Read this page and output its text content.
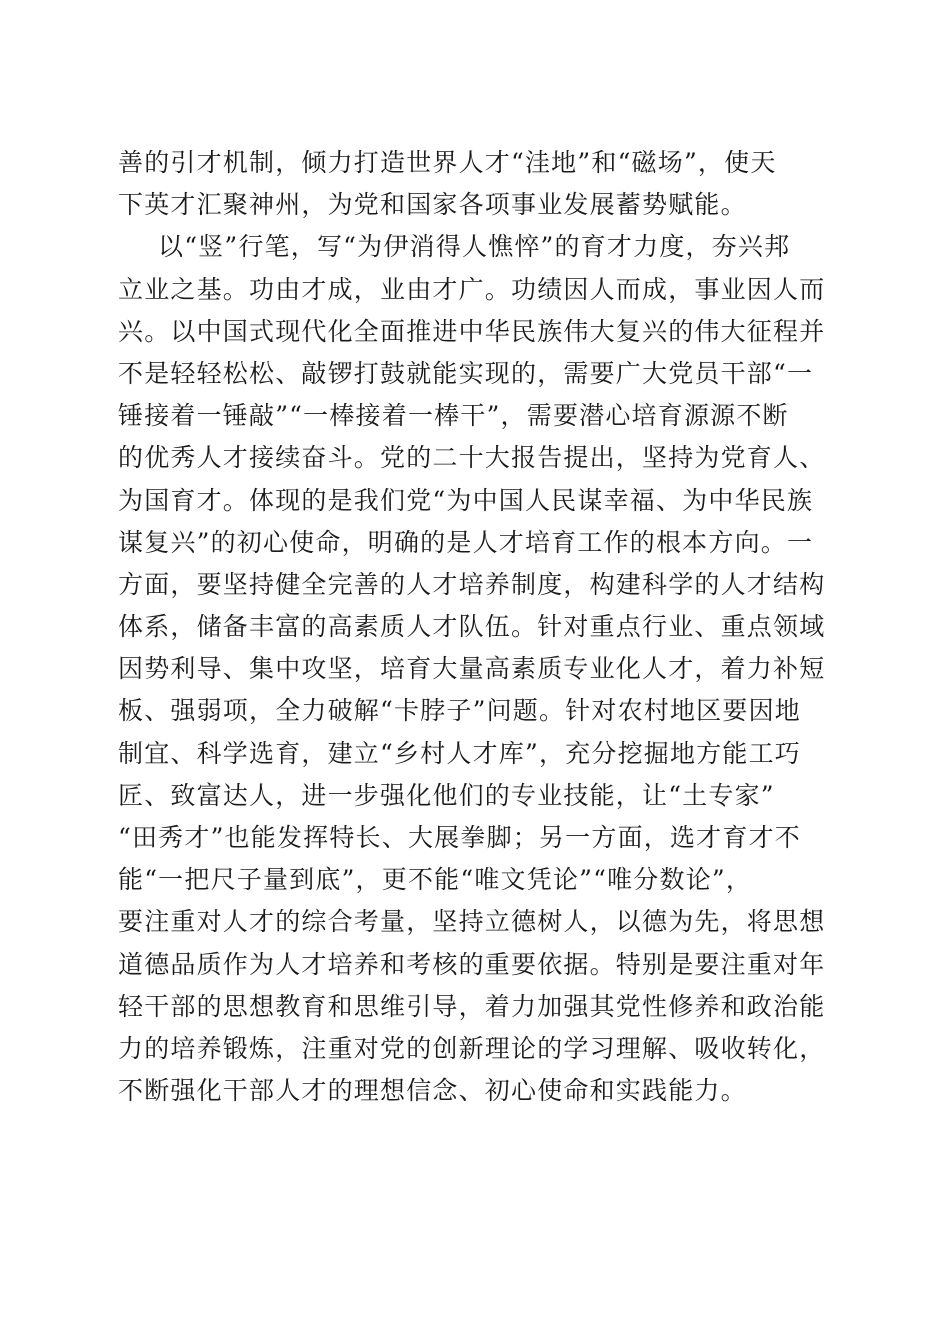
善的引才机制，倾力打造世界人才“洼地”和“磁场”，使天
下英才汇聚神州，为党和国家各项事业发展蓄势赋能。
以“竖”行笔，写“为伊消得人憔悴”的育才力度，夯兴邦
立业之基。功由才成，业由才广。功绩因人而成，事业因人而
兴。以中国式现代化全面推进中华民族伟大复兴的伟大征程并
不是轻轻松松、敲锣打鼓就能实现的，需要广大党员干部“一
锤接着一锤敲”“一棒接着一棒干”，需要潜心培育源源不断
的优秀人才接续奋斗。党的二十大报告提出，坚持为党育人、
为国育才。体现的是我们党“为中国人民谋幸福、为中华民族
谋复兴”的初心使命，明确的是人才培育工作的根本方向。一
方面，要坚持健全完善的人才培养制度，构建科学的人才结构
体系，储备丰富的高素质人才队伍。针对重点行业、重点领域
因势利导、集中攻坚，培育大量高素质专业化人才，着力补短
板、强弱项，全力破解“卡脖子”问题。针对农村地区要因地
制宜、科学选育，建立“乡村人才库”，充分挖掘地方能工巧
匠、致富达人，进一步强化他们的专业技能，让“土专家”
“田秀才”也能发挥特长、大展拳脚；另一方面，选才育才不
能“一把尺子量到底”，更不能“唯文凭论”“唯分数论”，
要注重对人才的综合考量，坚持立德树人，以德为先，将思想
道德品质作为人才培养和考核的重要依据。特别是要注重对年
轻干部的思想教育和思维引导，着力加强其党性修养和政治能
力的培养锻炼，注重对党的创新理论的学习理解、吸收转化，
不断强化干部人才的理想信念、初心使命和实践能力。
